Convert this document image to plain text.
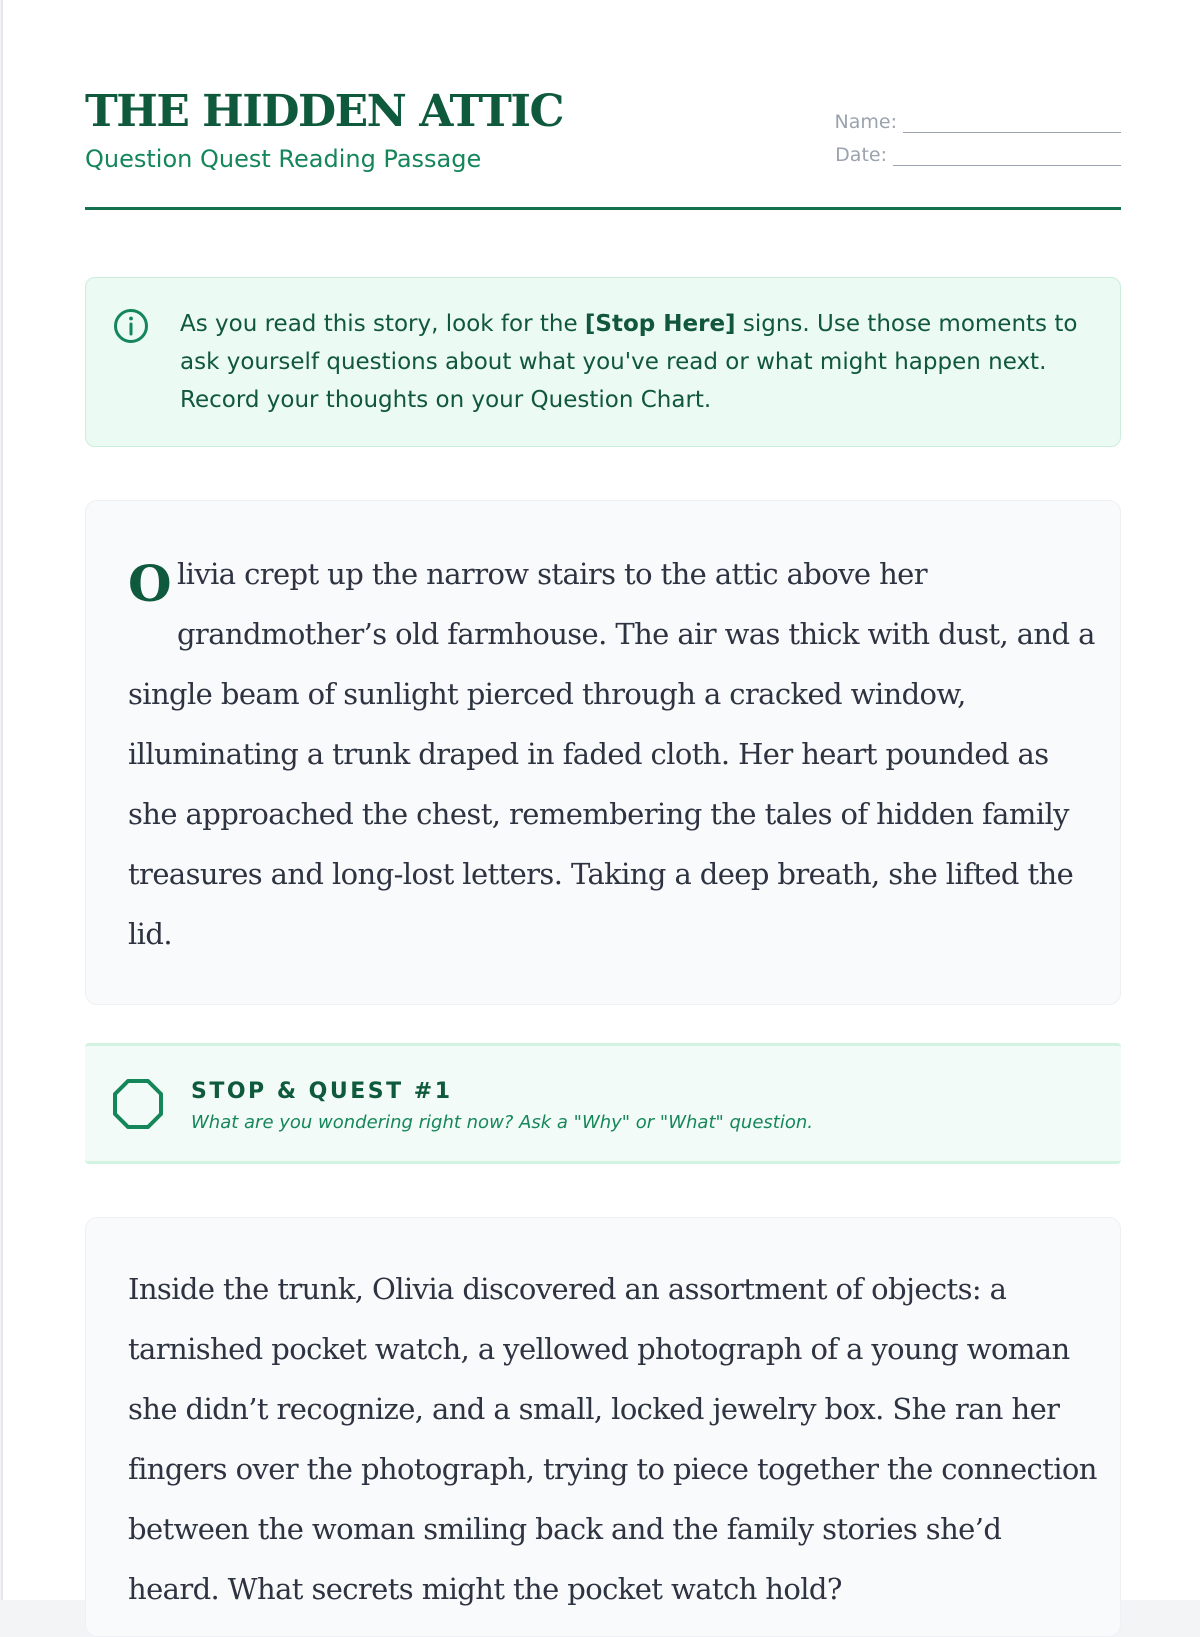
THE HIDDEN ATTIC
Question Quest Reading Passage
Name:
Date:

As you read this story, look for the [Stop Here] signs. Use those moments to ask yourself questions about what you've read or what might happen next. Record your thoughts on your Question Chart.

Olivia crept up the narrow stairs to the attic above her grandmother’s old farmhouse. The air was thick with dust, and a single beam of sunlight pierced through a cracked window, illuminating a trunk draped in faded cloth. Her heart pounded as she approached the chest, remembering the tales of hidden family treasures and long-lost letters. Taking a deep breath, she lifted the lid.

STOP & QUEST #1
What are you wondering right now? Ask a "Why" or "What" question.

Inside the trunk, Olivia discovered an assortment of objects: a tarnished pocket watch, a yellowed photograph of a young woman she didn’t recognize, and a small, locked jewelry box. She ran her fingers over the photograph, trying to piece together the connection between the woman smiling back and the family stories she’d heard. What secrets might the pocket watch hold?
